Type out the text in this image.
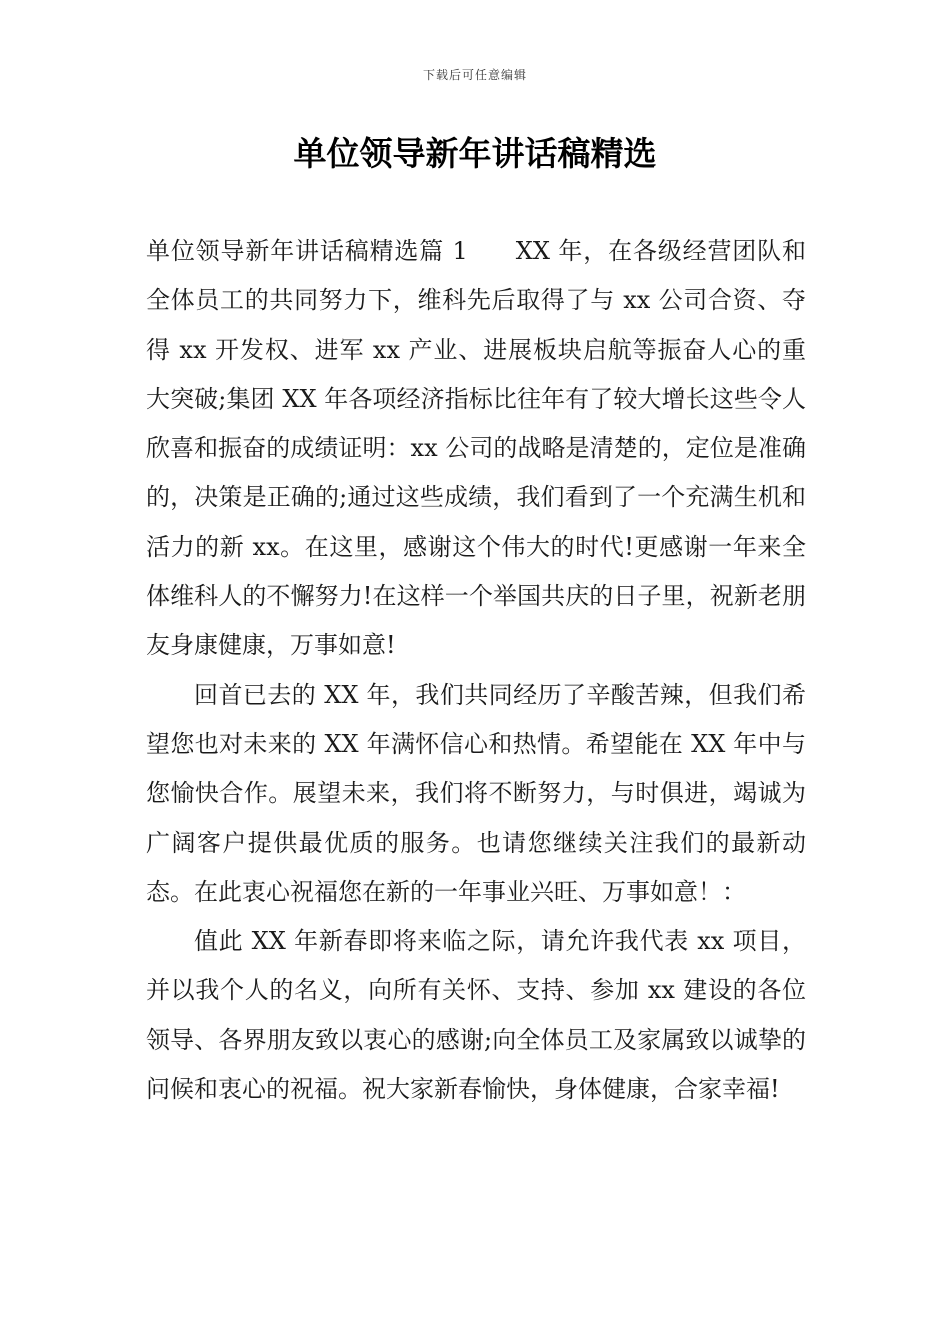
下载后可任意编辑
单位领导新年讲话稿精选

单位领导新年讲话稿精选篇 1 XX 年，在各级经营团队和全体员工的共同努力下，维科先后取得了与 xx 公司合资、夺得 xx 开发权、进军 xx 产业、进展板块启航等振奋人心的重大突破;集团 XX 年各项经济指标比往年有了较大增长这些令人欣喜和振奋的成绩证明：xx 公司的战略是清楚的，定位是准确的，决策是正确的;通过这些成绩，我们看到了一个充满生机和活力的新 xx。在这里，感谢这个伟大的时代!更感谢一年来全体维科人的不懈努力!在这样一个举国共庆的日子里，祝新老朋友身康健康，万事如意!

回首已去的 XX 年，我们共同经历了辛酸苦辣，但我们希望您也对未来的 XX 年满怀信心和热情。希望能在 XX 年中与您愉快合作。展望未来，我们将不断努力，与时俱进，竭诚为广阔客户提供最优质的服务。也请您继续关注我们的最新动态。在此衷心祝福您在新的一年事业兴旺、万事如意！：

值此 XX 年新春即将来临之际，请允许我代表 xx 项目，并以我个人的名义，向所有关怀、支持、参加 xx 建设的各位领导、各界朋友致以衷心的感谢;向全体员工及家属致以诚挚的问候和衷心的祝福。祝大家新春愉快，身体健康，合家幸福!
